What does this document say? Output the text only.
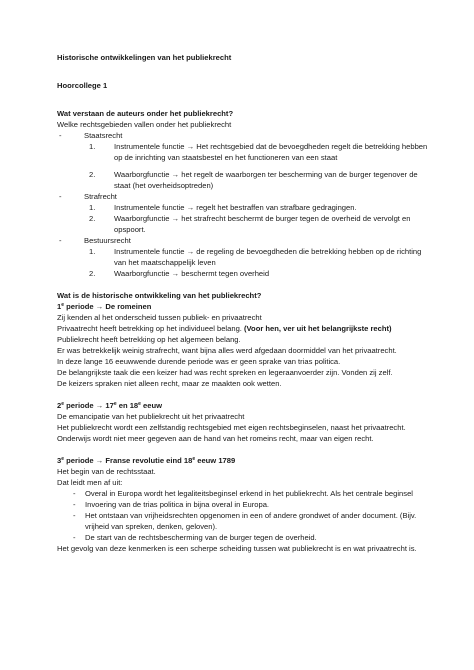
Historische ontwikkelingen van het publiekrecht

Hoorcollege 1

Wat verstaan de auteurs onder het publiekrecht?

Welke rechtsgebieden vallen onder het publiekrecht

- Staatsrecht
1. Instrumentele functie → Het rechtsgebied dat de bevoegdheden regelt die betrekking hebben op de inrichting van staatsbestel en het functioneren van een staat
2. Waarborgfunctie → het regelt de waarborgen ter bescherming van de burger tegenover de staat (het overheidsoptreden)
- Strafrecht
1. Instrumentele functie → regelt het bestraffen van strafbare gedragingen.
2. Waarborgfunctie → het strafrecht beschermt de burger tegen de overheid de vervolgt en opspoort.
- Bestuursrecht
1. Instrumentele functie → de regeling de bevoegdheden die betrekking hebben op de richting van het maatschappelijk leven
2. Waarborgfunctie → beschermt tegen overheid

Wat is de historische ontwikkeling van het publiekrecht?

1e periode → De romeinen

Zij kenden al het onderscheid tussen publiek- en privaatrecht

Privaatrecht heeft betrekking op het individueel belang. (Voor hen, ver uit het belangrijkste recht)

Publiekrecht heeft betrekking op het algemeen belang.

Er was betrekkelijk weinig strafrecht, want bijna alles werd afgedaan doormiddel van het privaatrecht.

In deze lange 16 eeuwwende durende periode was er geen sprake van trias politica.

De belangrijkste taak die een keizer had was recht spreken en legeraanvoerder zijn. Vonden zij zelf.

De keizers spraken niet alleen recht, maar ze maakten ook wetten.

2e periode → $17^e$ en 18e eeuw

De emancipatie van het publiekrecht uit het privaatrecht

Het publiekrecht wordt een zelfstandig rechtsgebied met eigen rechtsbeginselen, naast het privaatrecht.

Onderwijs wordt niet meer gegeven aan de hand van het romeins recht, maar van eigen recht.

3e periode → Franse revolutie eind 18e eeuw 1789

Het begin van de rechtsstaat.

Dat leidt men af uit:

- Overal in Europa wordt het legaliteitsbeginsel erkend in het publiekrecht. Als het centrale beginsel
- Invoering van de trias politica in bijna overal in Europa.
- Het ontstaan van vrijheidsrechten opgenomen in een of andere grondwet of ander document. (Bijv. vrijheid van spreken, denken, geloven).
- De start van de rechtsbescherming van de burger tegen de overheid.

Het gevolg van deze kenmerken is een scherpe scheiding tussen wat publiekrecht is en wat privaatrecht is.
